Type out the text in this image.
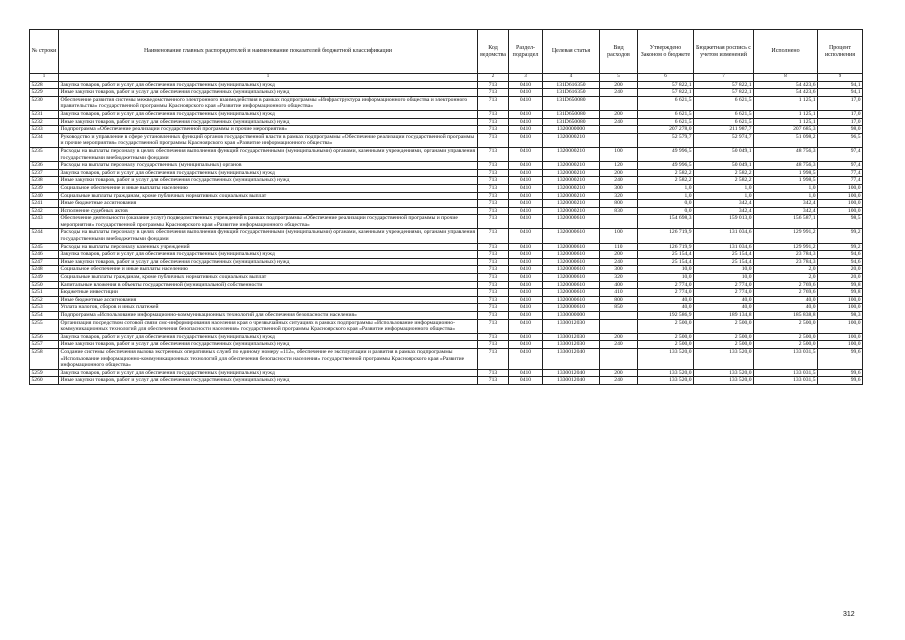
№ строки	Наименование главных распорядителей и наименование показателей бюджетной классификации	Код ведомства	Раздел-подраздел	Целевая статья	Вид расходов	Утверждено Законом о бюджете	Бюджетная роспись с учетом изменений	Исполнено	Процент исполнения
1	1	2	3	4	5	6	7	8	9
5228	Закупка товаров, работ и услуг для обеспечения государственных (муниципальных) нужд	713	0410	131D616350	200	57 822,1	57 822,1	54 423,6	94,1
5229	Иные закупки товаров, работ и услуг для обеспечения государственных (муниципальных) нужд	713	0410	131D616350	240	57 822,1	57 822,1	54 423,6	94,1
5230	Обеспечение развития системы межведомственного электронного взаимодействия в рамках подпрограммы «Инфраструктура информационного общества и электронного правительства» государственной программы Красноярского края «Развитие информационного общества»	713	0410	131D650080		6 621,5	6 621,5	1 125,1	17,0
5231	Закупка товаров, работ и услуг для обеспечения государственных (муниципальных) нужд	713	0410	131D650080	200	6 621,5	6 621,5	1 125,1	17,0
5232	Иные закупки товаров, работ и услуг для обеспечения государственных (муниципальных) нужд	713	0410	131D650080	240	6 621,5	6 621,5	1 125,1	17,0
5233	Подпрограмма «Обеспечение реализации государственной программы и прочие мероприятия»	713	0410	1320000000		207 278,0	211 987,7	207 685,3	98,0
5234	Руководство и управление в сфере установленных функций органов государственной власти в рамках подпрограммы «Обеспечение реализации государственной программы и прочие мероприятия» государственной программы Красноярского края «Развитие информационного общества»	713	0410	1320000210		52 579,7	52 974,7	51 098,2	96,5
5235	Расходы на выплаты персоналу в целях обеспечения выполнения функций государственными (муниципальными) органами, казенными учреждениями, органами управления государственными внебюджетными фондами	713	0410	1320000210	100	49 996,5	50 049,1	48 756,3	97,4
5236	Расходы на выплаты персоналу государственных (муниципальных) органов	713	0410	1320000210	120	49 996,5	50 049,1	48 756,3	97,4
5237	Закупка товаров, работ и услуг для обеспечения государственных (муниципальных) нужд	713	0410	1320000210	200	2 582,2	2 582,2	1 998,5	77,4
5238	Иные закупки товаров, работ и услуг для обеспечения государственных (муниципальных) нужд	713	0410	1320000210	240	2 582,2	2 582,2	1 998,5	77,4
5239	Социальное обеспечение и иные выплаты населению	713	0410	1320000210	300	1,0	1,0	1,0	100,0
5240	Социальные выплаты гражданам, кроме публичных нормативных социальных выплат	713	0410	1320000210	320	1,0	1,0	1,0	100,0
5241	Иные бюджетные ассигнования	713	0410	1320000210	800	0,0	342,4	342,4	100,0
5242	Исполнение судебных актов	713	0410	1320000210	830	0,0	342,4	342,4	100,0
5243	Обеспечение деятельности (оказание услуг) подведомственных учреждений в рамках подпрограммы «Обеспечение реализации государственной программы и прочие мероприятия» государственной программы Красноярского края «Развитие информационного общества»	713	0410	1320000610		154 698,3	159 013,0	156 587,1	98,5
5244	Расходы на выплаты персоналу в целях обеспечения выполнения функций государственными (муниципальными) органами, казенными учреждениями, органами управления государственными внебюджетными фондами	713	0410	1320000610	100	126 719,9	131 034,6	129 991,2	99,2
5245	Расходы на выплаты персоналу казенных учреждений	713	0410	1320000610	110	126 719,9	131 034,6	129 991,2	99,2
5246	Закупка товаров, работ и услуг для обеспечения государственных (муниципальных) нужд	713	0410	1320000610	200	25 154,4	25 154,4	23 784,3	94,6
5247	Иные закупки товаров, работ и услуг для обеспечения государственных (муниципальных) нужд	713	0410	1320000610	240	25 154,4	25 154,4	23 784,3	94,6
5248	Социальное обеспечение и иные выплаты населению	713	0410	1320000610	300	10,0	10,0	2,0	20,0
5249	Социальные выплаты гражданам, кроме публичных нормативных социальных выплат	713	0410	1320000610	320	10,0	10,0	2,0	20,0
5250	Капитальные вложения в объекты государственной (муниципальной) собственности	713	0410	1320000610	400	2 774,0	2 774,0	2 769,6	99,8
5251	Бюджетные инвестиции	713	0410	1320000610	410	2 774,0	2 774,0	2 769,6	99,8
5252	Иные бюджетные ассигнования	713	0410	1320000610	800	40,0	40,0	40,0	100,0
5253	Уплата налогов, сборов и иных платежей	713	0410	1320000610	850	40,0	40,0	40,0	100,0
5254	Подпрограмма «Использование информационно-коммуникационных технологий для обеспечения безопасности населения»	713	0410	1330000000		192 586,9	189 134,8	185 838,8	98,3
5255	Организация посредством сотовой связи смс-информирования населения края о чрезвычайных ситуациях в рамках подпрограммы «Использование информационно-коммуникационных технологий для обеспечения безопасности населения» государственной программы Красноярского края «Развитие информационного общества»	713	0410	1330012030		2 500,0	2 500,0	2 500,0	100,0
5256	Закупка товаров, работ и услуг для обеспечения государственных (муниципальных) нужд	713	0410	1330012030	200	2 500,0	2 500,0	2 500,0	100,0
5257	Иные закупки товаров, работ и услуг для обеспечения государственных (муниципальных) нужд	713	0410	1330012030	240	2 500,0	2 500,0	2 500,0	100,0
5258	Создание системы обеспечения вызова экстренных оперативных служб по единому номеру «112», обеспечение ее эксплуатации и развития в рамках подпрограммы «Использование информационно-коммуникационных технологий для обеспечения безопасности населения» государственной программы Красноярского края «Развитие информационного общества»	713	0410	1330012040		133 520,0	133 520,0	133 031,5	99,6
5259	Закупка товаров, работ и услуг для обеспечения государственных (муниципальных) нужд	713	0410	1330012040	200	133 520,0	133 520,0	133 031,5	99,6
5260	Иные закупки товаров, работ и услуг для обеспечения государственных (муниципальных) нужд	713	0410	1330012040	240	133 520,0	133 520,0	133 031,5	99,6
312
